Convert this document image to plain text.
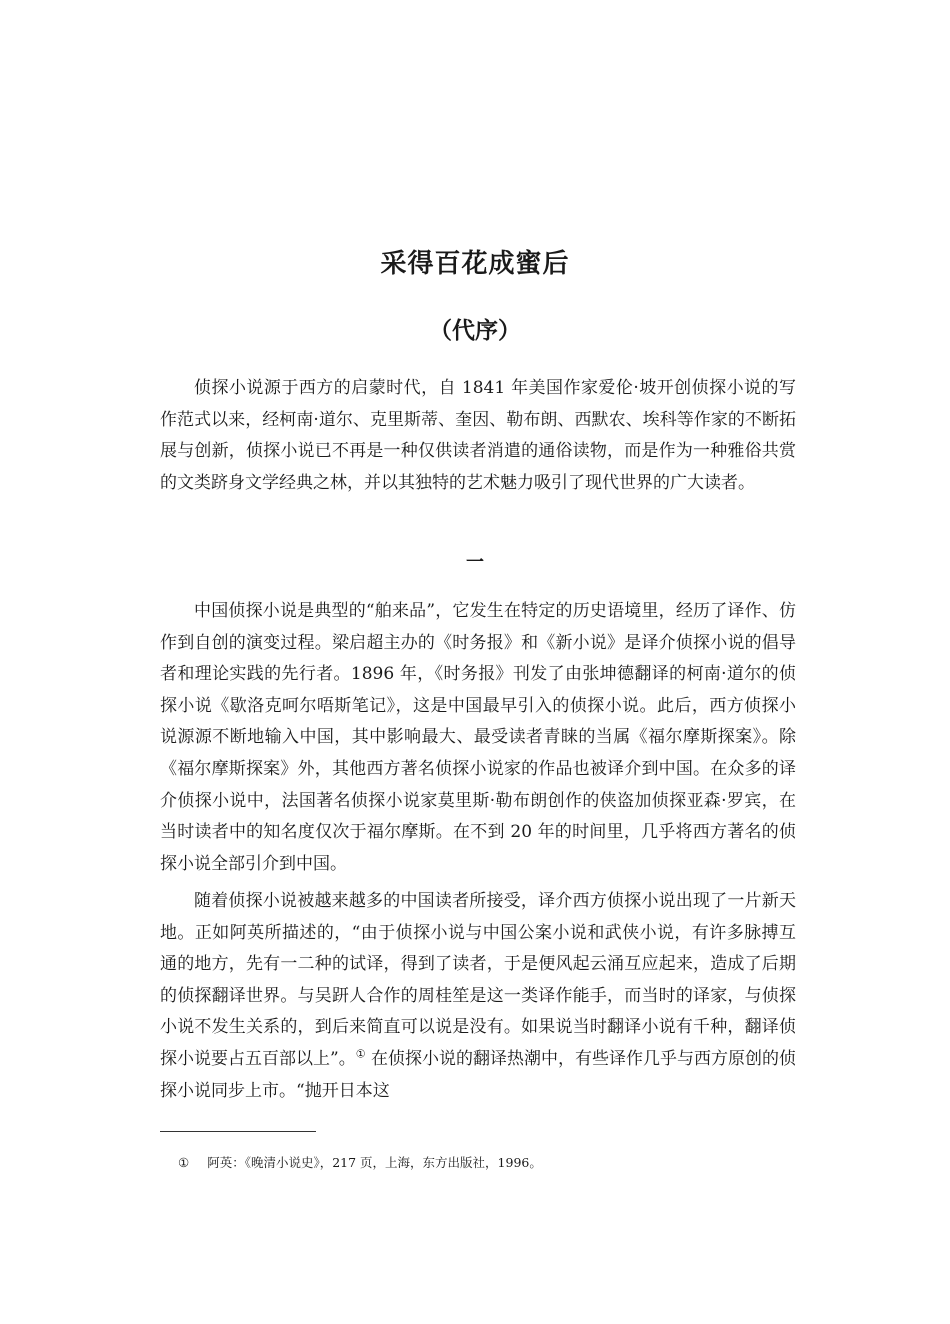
采得百花成蜜后
（代序）

侦探小说源于西方的启蒙时代，自 1841 年美国作家爱伦·坡开创侦探小说的写作范式以来，经柯南·道尔、克里斯蒂、奎因、勒布朗、西默农、埃科等作家的不断拓展与创新，侦探小说已不再是一种仅供读者消遣的通俗读物，而是作为一种雅俗共赏的文类跻身文学经典之林，并以其独特的艺术魅力吸引了现代世界的广大读者。

一

中国侦探小说是典型的“舶来品”，它发生在特定的历史语境里，经历了译作、仿作到自创的演变过程。梁启超主办的《时务报》和《新小说》是译介侦探小说的倡导者和理论实践的先行者。1896 年，《时务报》刊发了由张坤德翻译的柯南·道尔的侦探小说《歇洛克呵尔唔斯笔记》，这是中国最早引入的侦探小说。此后，西方侦探小说源源不断地输入中国，其中影响最大、最受读者青睐的当属《福尔摩斯探案》。除《福尔摩斯探案》外，其他西方著名侦探小说家的作品也被译介到中国。在众多的译介侦探小说中，法国著名侦探小说家莫里斯·勒布朗创作的侠盗加侦探亚森·罗宾，在当时读者中的知名度仅次于福尔摩斯。在不到 20 年的时间里，几乎将西方著名的侦探小说全部引介到中国。

随着侦探小说被越来越多的中国读者所接受，译介西方侦探小说出现了一片新天地。正如阿英所描述的，“由于侦探小说与中国公案小说和武侠小说，有许多脉搏互通的地方，先有一二种的试译，得到了读者，于是便风起云涌互应起来，造成了后期的侦探翻译世界。与吴趼人合作的周桂笙是这一类译作能手，而当时的译家，与侦探小说不发生关系的，到后来简直可以说是没有。如果说当时翻译小说有千种，翻译侦探小说要占五百部以上”。① 在侦探小说的翻译热潮中，有些译作几乎与西方原创的侦探小说同步上市。“抛开日本这

① 阿英：《晚清小说史》，217 页，上海，东方出版社，1996。
